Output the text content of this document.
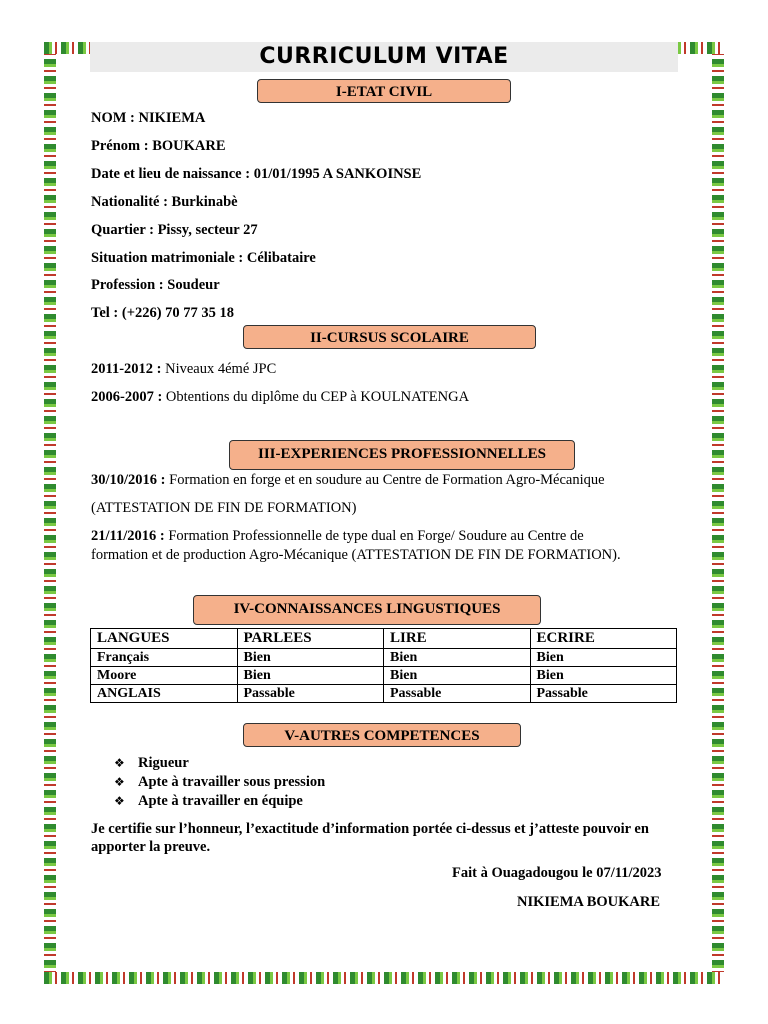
CURRICULUM VITAE
I-ETAT CIVIL
NOM : NIKIEMA
Prénom : BOUKARE
Date et lieu de naissance : 01/01/1995 A SANKOINSE
Nationalité : Burkinabè
Quartier : Pissy, secteur 27
Situation matrimoniale : Célibataire
Profession : Soudeur
Tel : (+226) 70 77 35 18
II-CURSUS SCOLAIRE
2011-2012 : Niveaux 4émé JPC
2006-2007 : Obtentions du diplôme du CEP à KOULNATENGA
III-EXPERIENCES PROFESSIONNELLES
30/10/2016 : Formation en forge et en soudure au Centre de Formation Agro-Mécanique
(ATTESTATION DE FIN DE FORMATION)
21/11/2016 : Formation Professionnelle de type dual en Forge/ Soudure au Centre de
formation et de production Agro-Mécanique (ATTESTATION DE FIN DE FORMATION).
IV-CONNAISSANCES LINGUSTIQUES
LANGUES	PARLEES	LIRE	ECRIRE
Français	Bien	Bien	Bien
Moore	Bien	Bien	Bien
ANGLAIS	Passable	Passable	Passable
V-AUTRES COMPETENCES
❖ Rigueur
❖ Apte à travailler sous pression
❖ Apte à travailler en équipe
Je certifie sur l’honneur, l’exactitude d’information portée ci-dessus et j’atteste pouvoir en apporter la preuve.
Fait à Ouagadougou le 07/11/2023
NIKIEMA BOUKARE
